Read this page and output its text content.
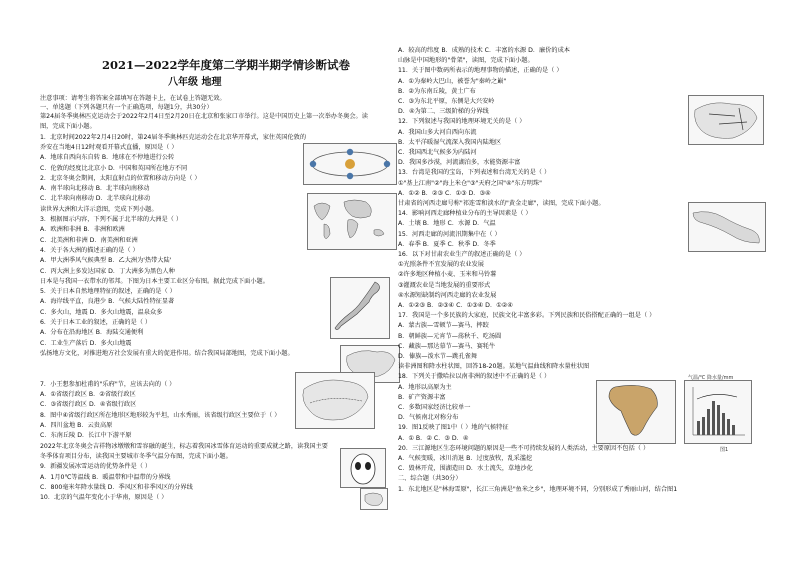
2021—2022学年度第二学期半期学情诊断试卷
八年级 地理
注意事项：请考生将答案全部填写在答题卡上，在试卷上答题无效。
一、单选题（下列各题只有一个正确选项，每题1分，共30分）
第24届冬季奥林匹克运动会于2022年2月4日至2月20日在北京和张家口市举行。这是中国历史上第一次举办冬奥会。读
图，完成下面小题。
1．北京时间2022年2月4日20时，第24届冬季奥林匹克运动会在北京华开幕式，家住英国伦敦的
乔安在当地4日12时观看开幕式直播，原因是（ ）
A．地球自西向东自转 B．地球在不停地进行公转
C．伦敦的经度比北京小 D．中国和英国所在地方不同
2．北京冬奥会期间，太阳直射点的位置和移动方向是（ ）
A．南半球向北移动 B．北半球向南移动
C．北半球向南移动 D．北半球向北移动
读世界大洲和大洋示意图，完成下列小题。
3．根据图示内容，下列不属于北半球的大洲是（ ）
A．欧洲和非洲 B．非洲和欧洲
C．北美洲和非洲 D．南美洲和亚洲
4．关于各大洲的描述正确的是（ ）
A．甲大洲季风气候典型 B．乙大洲为'热带大陆'
C．丙大洲上多发达国家 D．丁大洲多为黑色人种
日本是与我国一衣带水的邻邦。下图为日本主要工业区分布图。据此完成下面小题。
5．关于日本自然地理特征的叙述，正确的是（ ）
A．海岸线平直，良港少 B．气候大陆性特征显著
C．多火山，地震 D．多火山地震，温泉众多
6．关于日本工业的叙述，正确的是（ ）
A．分布在沿海地区 B．海陆交通便利
C．工业生产落后 D．多火山地震
弘扬地方文化，对推进地方社会发展有重大的促进作用。结合我国局部地图，完成下面小题。
7．小王想参加杜甫的"乐府"节，应该去向的（ ）
A．①省级行政区 B．②省级行政区
C．③省级行政区 D．④省级行政区
8．图中④省级行政区所在地形区地形较为平坦，山水秀丽，该省级行政区主要位于（ ）
A．四川盆地 B．云贵高原
C．东南丘陵 D．长江中下游平原
2022年北京冬奥会吉祥物冰墩墩和雪容融的诞生，标志着我国冰雪体育运动的重要成就之路，读我国主要
冬季体育项目分布，读我国主要城市冬季气温分布图，完成下面小题。
9．新疆发展冰雪运动的优势条件是（ ）
A．1月0℃等温线 B．暖温带和中温带的分界线
C．800毫米年降水量线 D．季风区和非季风区的分界线
10．北京的气温年变化小于华南，原因是（ ）
A．较高的纬度 B．成熟的技术 C．丰富的水源 D．廉价的成本
山脉是中国地形的"骨架"，读图，完成下面小题。
11．关于图中数码所表示的地理事物的描述，正确的是（ ）
A．①为秦岭大巴山，被誉为"秦岭之巅"
B．②为东南丘陵，黄土广布
C．③为东北平原，东侧是大兴安岭
D．④为第二、三级阶梯的分界线
12．下列叙述与我国的地理环境无关的是（ ）
A．我国山多大河自西向东流
B．太平洋暖湿气流深入我国内陆地区
C．我国西北气候多为内陆河
D．我国多沙漠，河流湖泊多，水能资源丰富
13．台湾是我国的宝岛，下列表述和台湾无关的是（ ）
①"基上江南"②"海上米仓"③"天府之国"④"东方明珠"
A．①② B．②③ C．①③ D．③④
甘肃省的河西走廊号称"祁连雪和淡水的"黄金走廊"，读图，完成下面小题。
14．影响河西走廊种植业分布的主导因素是（ ）
A．土壤 B．地形 C．水源 D．气温
15．河西走廊的河流汛期集中在（ ）
A．春季 B．夏季 C．秋季 D．冬季
16．以下对甘肃农业生产的叙述正确的是（ ）
①光照条件不宜发展的农业发展
②许多地区种植小麦、玉米和马铃薯
③灌溉农业是当地发展的重要形式
④水源短缺制约河西走廊的农业发展
A．①②③ B．②③④ C．①③④ D．①②④
17．我国是一个多民族的大家庭，民族文化丰富多彩。下列民族和民俗搭配正确的一组是（ ）
A．蒙古族—雪顿节—赛马、摔跤
B．朝鲜族—元宵节—荡秋千、吃汤圆
C．藏族—那达慕节—赛马、赛牦牛
D．傣族—泼水节—跳孔雀舞
读非洲图和降水柱状图，回答18-20题。某地气温曲线和降水量柱状图
18．下列关于撒哈拉以南非洲的叙述中不正确的是（ ）
A．地形以高原为主
B．矿产资源丰富
C．多数国家经济比较单一
D．气候南北对称分布
19．图1反映了图1中（ ）地的气候特征
A．① B．② C．③ D．④
20．三江源地区生态环境问题的原因是一些不可持续发展的人类活动，主要原因不包括（ ）
A．气候变暖，冰川消退 B．过度放牧，乱采滥挖
C．毁林开荒，围湖造田 D．水土流失，草地沙化
二、综合题（共30分）
1．东北地区是"林海雪原"，长江三角洲是"鱼米之乡"，地理环境不同，分别形成了秀丽山河，结合图1
图1
气温/℃ 降水量/mm
